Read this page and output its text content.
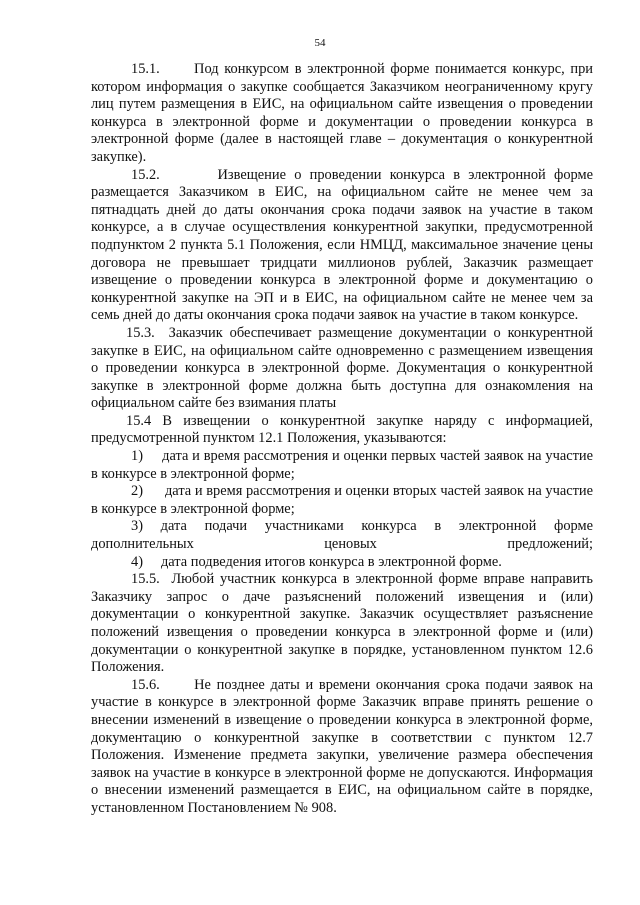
54

15.1.      Под конкурсом в электронной форме понимается конкурс, при котором информация о закупке сообщается Заказчиком неограниченному кругу лиц путем размещения в ЕИС, на официальном сайте извещения о проведении конкурса в электронной форме и документации о проведении конкурса в электронной форме (далее в настоящей главе – документация о конкурентной закупке).

15.2.       Извещение о проведении конкурса в электронной форме размещается Заказчиком в ЕИС, на официальном сайте не менее чем за пятнадцать дней до даты окончания срока подачи заявок на участие в таком конкурсе, а в случае осуществления конкурентной закупки, предусмотренной подпунктом 2 пункта 5.1 Положения, если НМЦД, максимальное значение цены договора не превышает тридцати миллионов рублей, Заказчик размещает извещение о проведении конкурса в электронной форме и документацию о конкурентной закупке на ЭП и в ЕИС, на официальном сайте не менее чем за семь дней до даты окончания срока подачи заявок на участие в таком конкурсе.

15.3.  Заказчик обеспечивает размещение документации о конкурентной закупке в ЕИС, на официальном сайте одновременно с размещением извещения о проведении конкурса в электронной форме. Документация о конкурентной закупке в электронной форме должна быть доступна для ознакомления на официальном сайте без взимания платы

15.4 В извещении о конкурентной закупке наряду с информацией, предусмотренной пунктом 12.1 Положения, указываются:

1)     дата и время рассмотрения и оценки первых частей заявок на участие в конкурсе в электронной форме;

2)      дата и время рассмотрения и оценки вторых частей заявок на участие в конкурсе в электронной форме;

3) дата подачи участниками конкурса в электронной форме дополнительных ценовых предложений;

4)     дата подведения итогов конкурса в электронной форме.

15.5.  Любой участник конкурса в электронной форме вправе направить Заказчику запрос о даче разъяснений положений извещения и (или) документации о конкурентной закупке. Заказчик осуществляет разъяснение положений извещения о проведении конкурса в электронной форме и (или) документации о конкурентной закупке в порядке, установленном пунктом 12.6 Положения.

15.6.      Не позднее даты и времени окончания срока подачи заявок на участие в конкурсе в электронной форме Заказчик вправе принять решение о внесении изменений в извещение о проведении конкурса в электронной форме, документацию о конкурентной закупке в соответствии с пунктом 12.7 Положения. Изменение предмета закупки, увеличение размера обеспечения заявок на участие в конкурсе в электронной форме не допускаются. Информация о внесении изменений размещается в ЕИС, на официальном сайте в порядке, установленном Постановлением № 908.
